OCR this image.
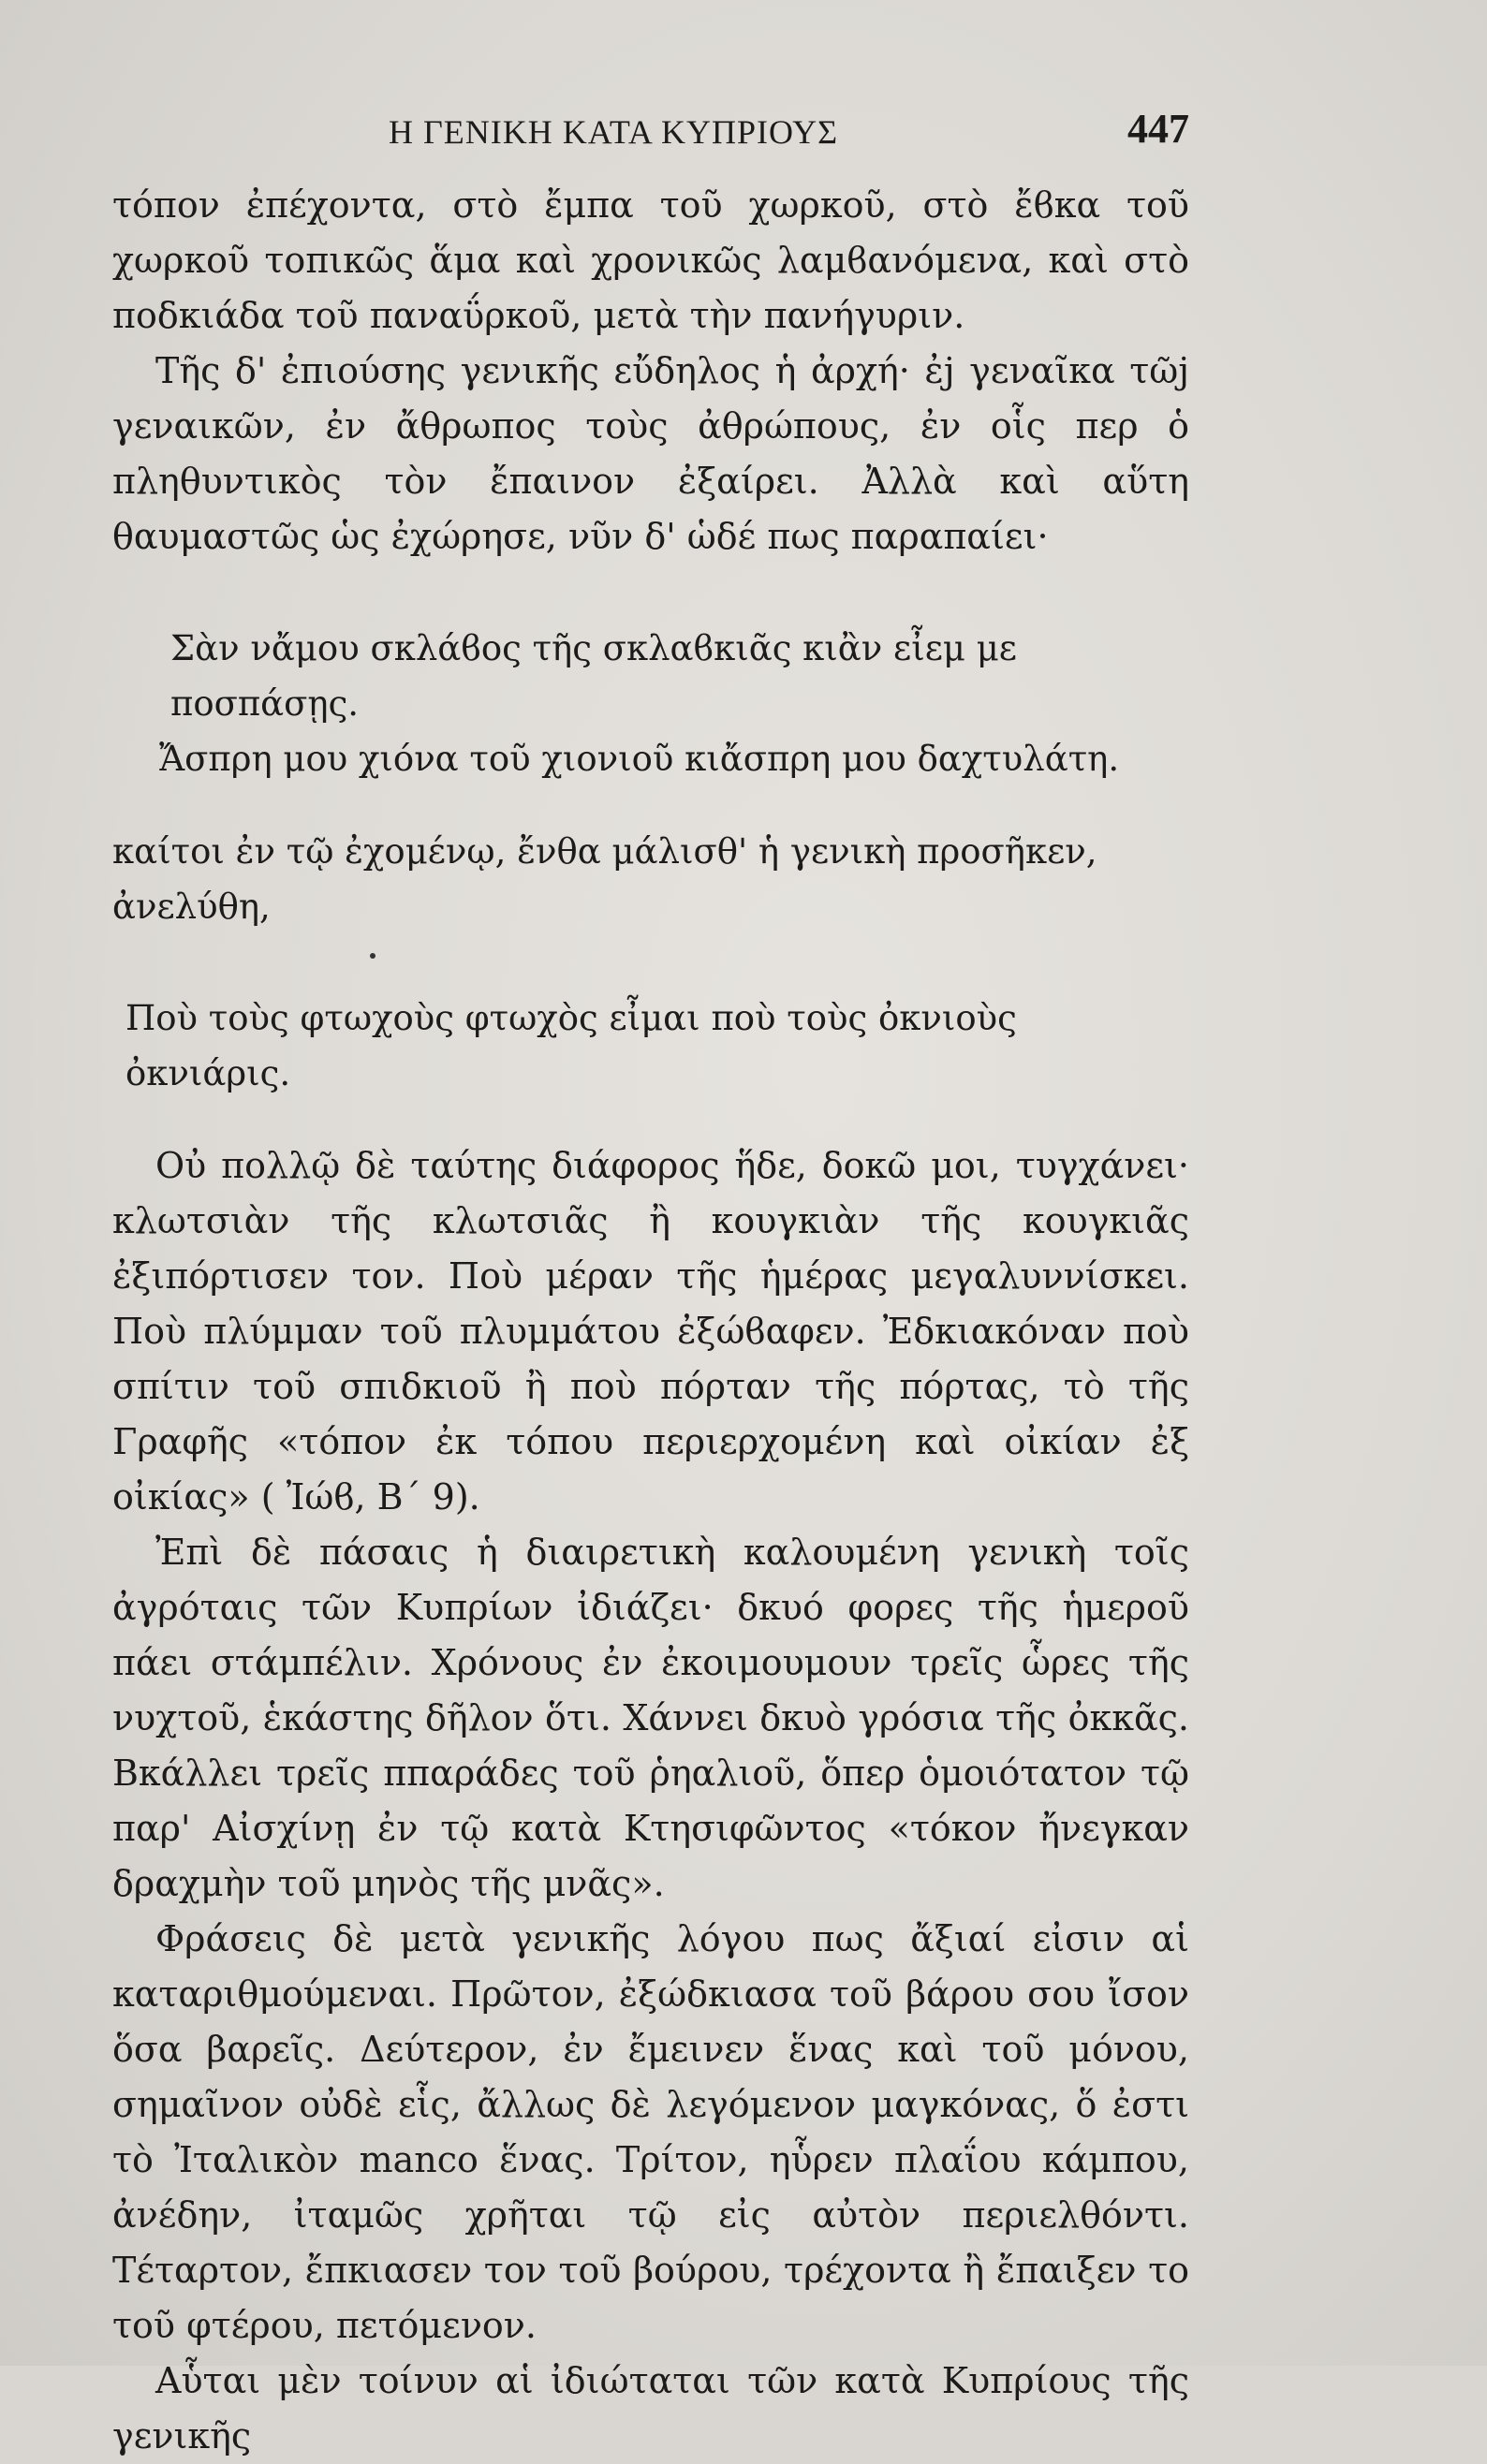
Η ΓΕΝΙΚΗ ΚΑΤΑ ΚΥΠΡΙΟΥΣ	447

τόπον ἐπέχοντα, στὸ ἔμπα τοῦ χωρκοῦ, στὸ ἔϐκα τοῦ χωρκοῦ τοπικῶς ἅμα καὶ χρονικῶς λαμϐανόμενα, καὶ στὸ ποδκιάδα τοῦ παναΰρκοῦ, μετὰ τὴν πανήγυριν.

Τῆς δ' ἐπιούσης γενικῆς εὔδηλος ἡ ἀρχή· ἐj γεναῖκα τῶj γεναικῶν, ἐν ἄθρωπος τοὺς ἀθρώπους, ἐν οἷς περ ὁ πληθυντικὸς τὸν ἔπαινον ἐξαίρει. Ἀλλὰ καὶ αὕτη θαυμαστῶς ὡς ἐχώρησε, νῦν δ' ὡδέ πως παραπαίει·

Σὰν νἄμου σκλάϐος τῆς σκλαϐκιᾶς κιἂν εἶεμ με ποσπάσῃς.

Ἄσπρη μου χιόνα τοῦ χιονιοῦ κιἄσπρη μου δαχτυλάτη.

καίτοι ἐν τῷ ἐχομένῳ, ἔνθα μάλισθ' ἡ γενικὴ προσῆκεν, ἀνελύθη,

Ποὺ τοὺς φτωχοὺς φτωχὸς εἶμαι ποὺ τοὺς ὀκνιοὺς ὀκνιάρις.

Οὐ πολλῷ δὲ ταύτης διάφορος ἥδε, δοκῶ μοι, τυγχάνει· κλωτσιὰν τῆς κλωτσιᾶς ἢ κουγκιὰν τῆς κουγκιᾶς ἐξιπόρτισεν τον. Ποὺ μέραν τῆς ἡμέρας μεγαλυννίσκει. Ποὺ πλύμμαν τοῦ πλυμμάτου ἐξώϐαφεν. Ἐδκιακόναν ποὺ σπίτιν τοῦ σπιδκιοῦ ἢ ποὺ πόρταν τῆς πόρτας, τὸ τῆς Γραφῆς «τόπον ἐκ τόπου περιερχομένη καὶ οἰκίαν ἐξ οἰκίας» ( Ἰώϐ, Β΄ 9).

Ἐπὶ δὲ πάσαις ἡ διαιρετικὴ καλουμένη γενικὴ τοῖς ἀγρόταις τῶν Κυπρίων ἰδιάζει· δκυό φορες τῆς ἡμεροῦ πάει στάμπέλιν. Χρόνους ἐν ἐκοιμουμουν τρεῖς ὧρες τῆς νυχτοῦ, ἑκάστης δῆλον ὅτι. Χάννει δκυὸ γρόσια τῆς ὀκκᾶς. Βκάλλει τρεῖς ππαράδες τοῦ ῥηαλιοῦ, ὅπερ ὁμοιότατον τῷ παρ' Αἰσχίνῃ ἐν τῷ κατὰ Κτησιφῶντος «τόκον ἤνεγκαν δραχμὴν τοῦ μηνὸς τῆς μνᾶς».

Φράσεις δὲ μετὰ γενικῆς λόγου πως ἄξιαί εἰσιν αἱ καταριθμούμεναι. Πρῶτον, ἐξώδκιασα τοῦ βάρου σου ἴσον ὅσα βαρεῖς. Δεύτερον, ἐν ἔμεινεν ἕνας καὶ τοῦ μόνου, σημαῖνον οὐδὲ εἷς, ἄλλως δὲ λεγόμενον μαγκόνας, ὅ ἐστι τὸ Ἰταλικὸν manco ἕνας. Τρίτον, ηὗρεν πλαΐου κάμπου, ἀνέδην, ἰταμῶς χρῆται τῷ εἰς αὐτὸν περιελθόντι. Τέταρτον, ἔπκιασεν τον τοῦ βούρου, τρέχοντα ἢ ἔπαιξεν το τοῦ φτέρου, πετόμενον.

Αὗται μὲν τοίνυν αἱ ἰδιώταται τῶν κατὰ Κυπρίους τῆς γενικῆς
